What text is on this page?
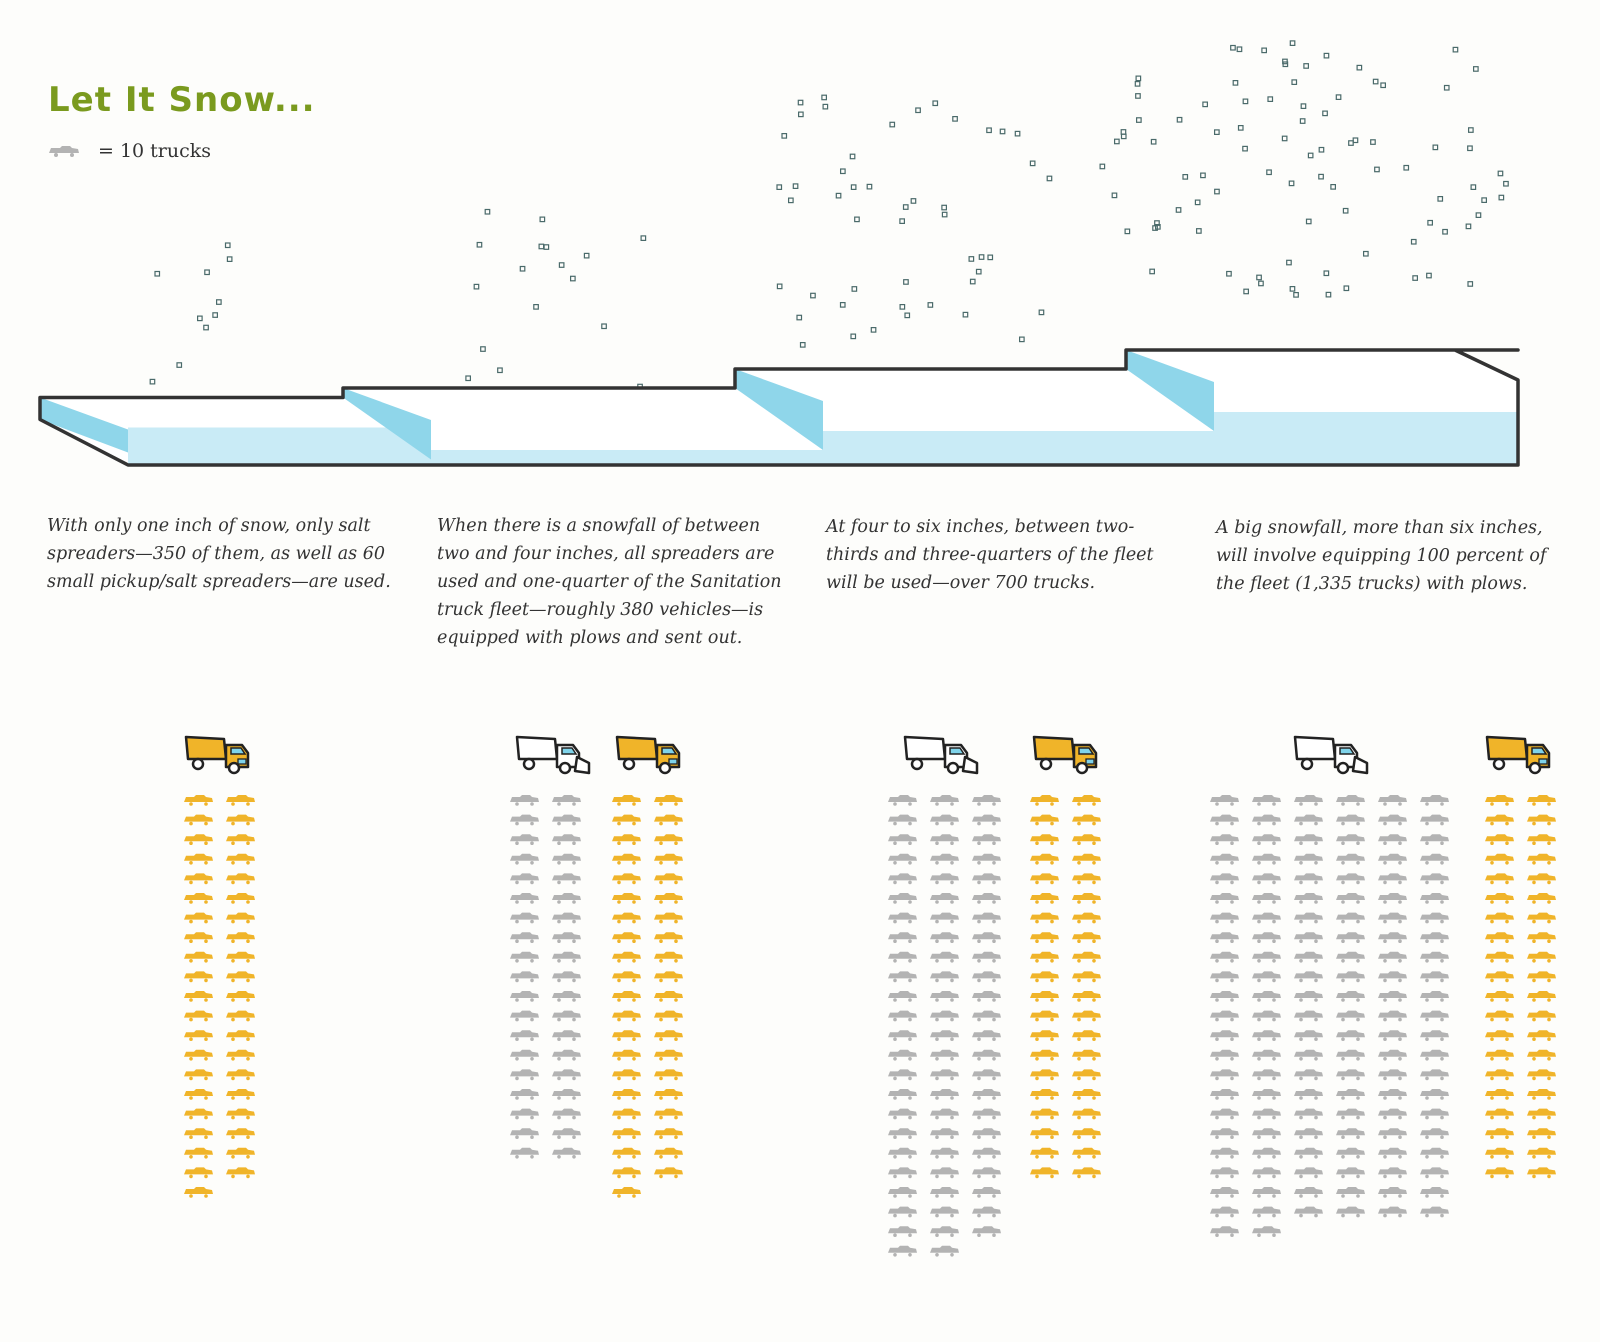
Let It Snow...
= 10 trucks

With only one inch of snow, only salt spreaders—350 of them, as well as 60 small pickup/salt spreaders—are used.

When there is a snowfall of between two and four inches, all spreaders are used and one-quarter of the Sanitation truck fleet—roughly 380 vehicles—is equipped with plows and sent out.

At four to six inches, between two-thirds and three-quarters of the fleet will be used—over 700 trucks.

A big snowfall, more than six inches, will involve equipping 100 percent of the fleet (1,335 trucks) with plows.
